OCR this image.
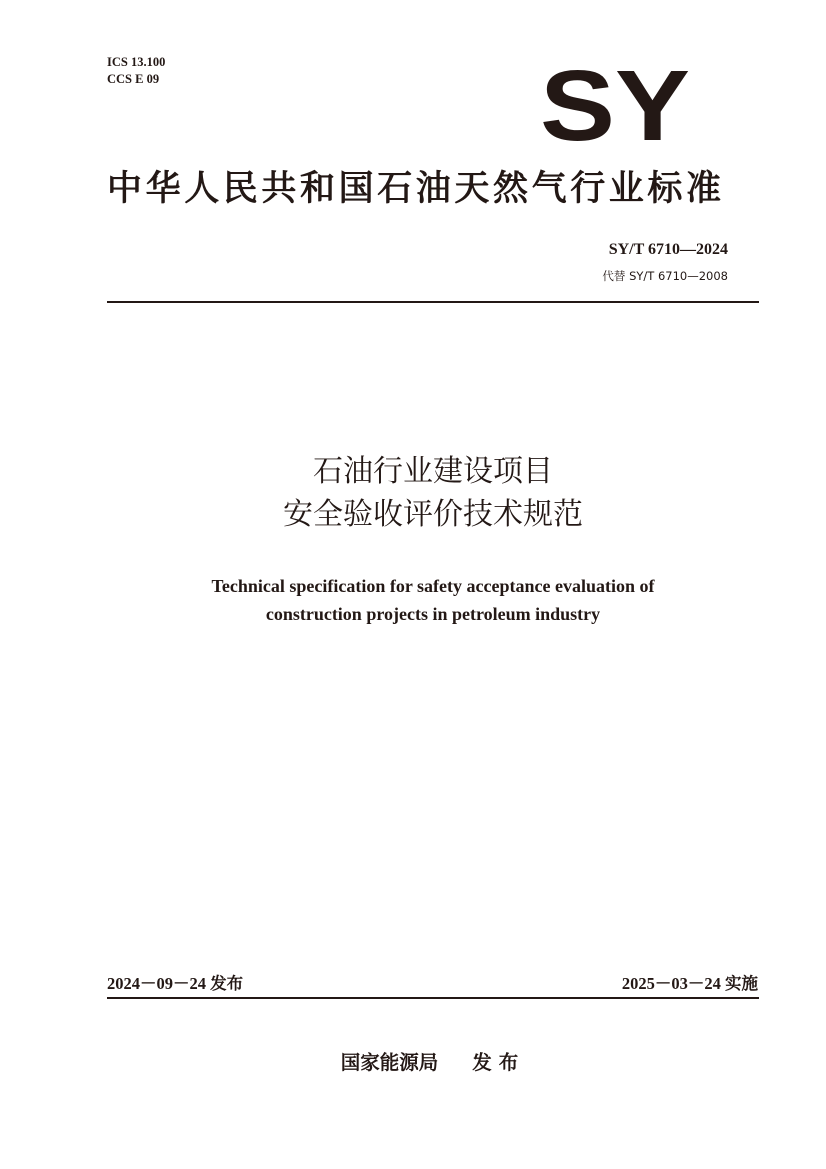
ICS 13.100
CCS E 09	SY
中华人民共和国石油天然气行业标准
SY/T 6710—2024
代替 SY/T 6710—2008
石油行业建设项目
安全验收评价技术规范
Technical specification for safety acceptance evaluation of
construction projects in petroleum industry
2024－09－24 发布	2025－03－24 实施
国家能源局 发布
